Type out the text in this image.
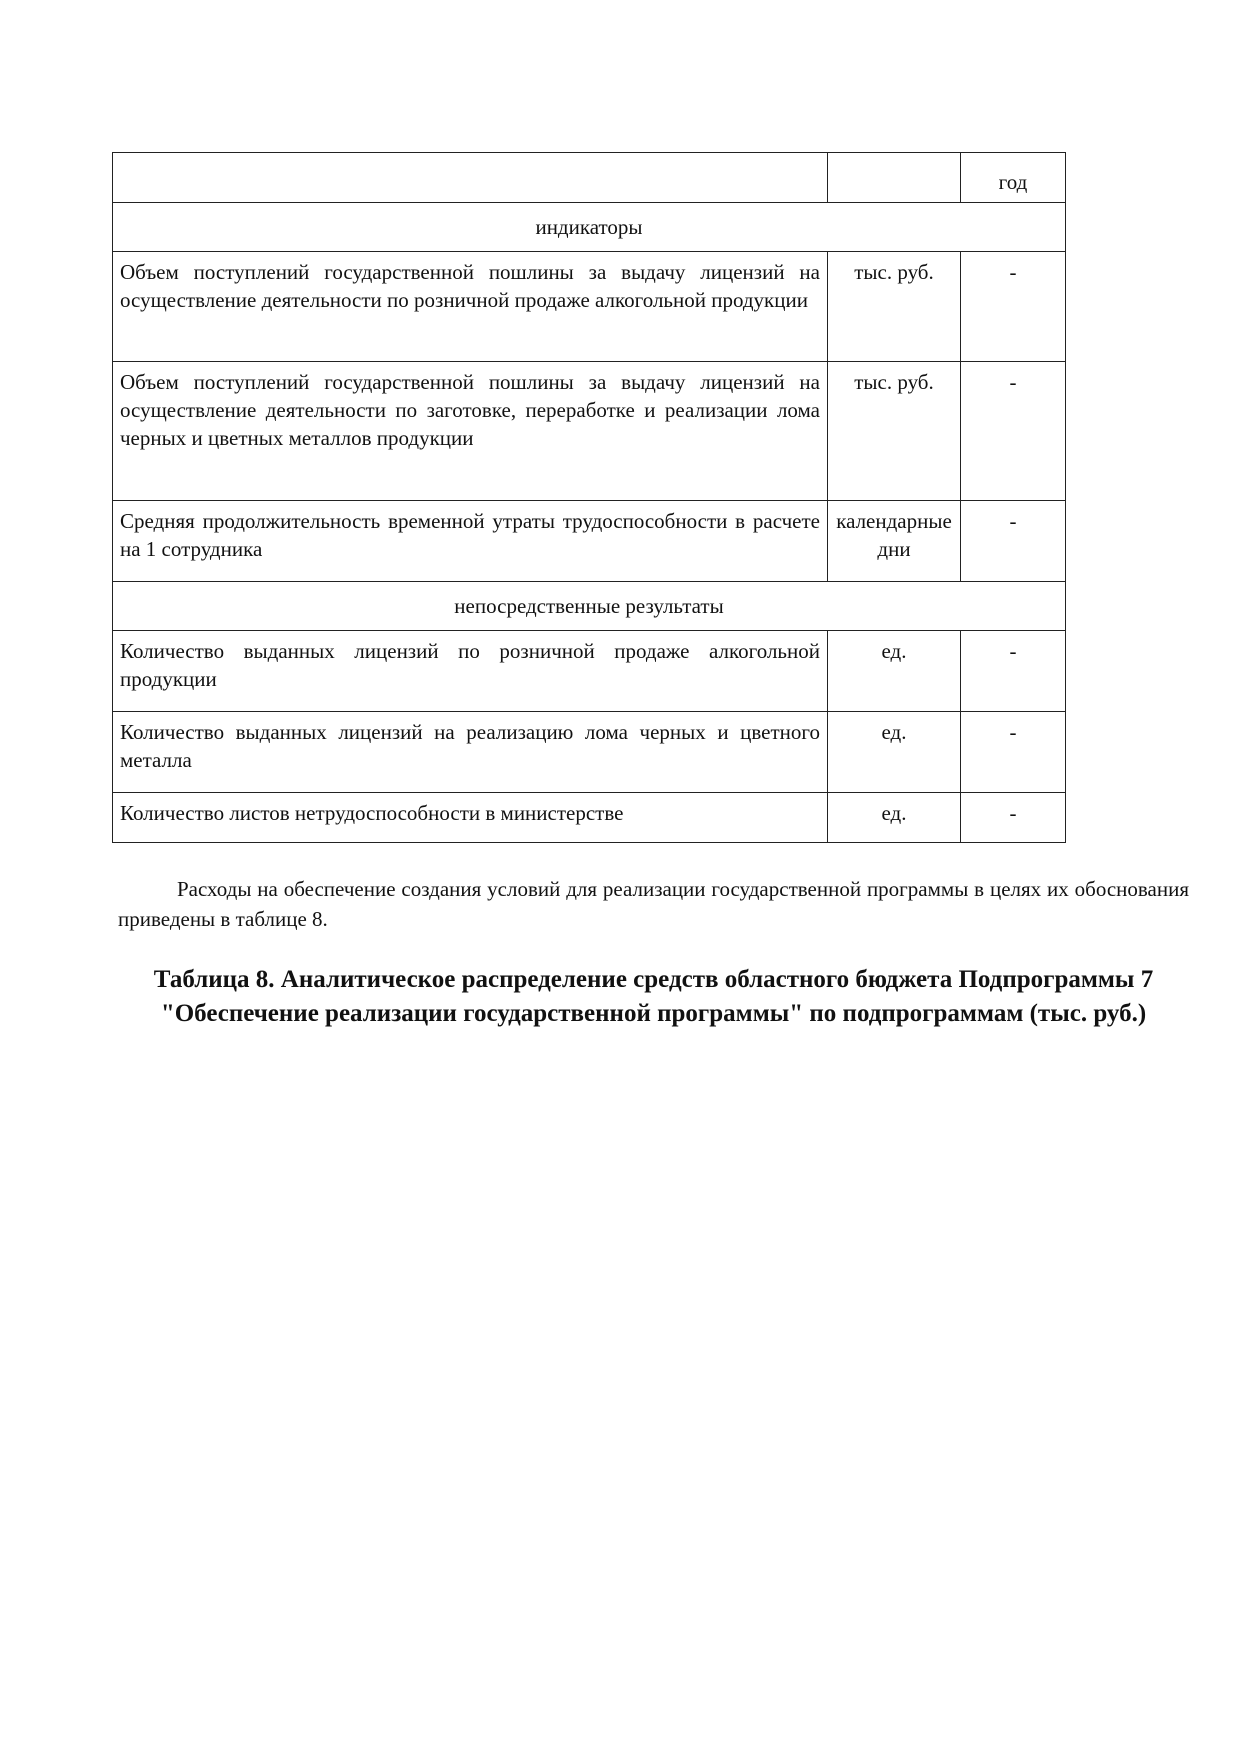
		год
индикаторы		
Объем поступлений государственной пошлины за выдачу лицензий на осуществление деятельности по розничной продаже алкогольной продукции	тыс. руб.	-
Объем поступлений государственной пошлины за выдачу лицензий на осуществление деятельности по заготовке, переработке и реализации лома черных и цветных металлов продукции	тыс. руб.	-
Средняя продолжительность временной утраты трудоспособности в расчете на 1 сотрудника	календарные дни	-
непосредственные результаты		
Количество выданных лицензий по розничной продаже алкогольной продукции	ед.	-
Количество выданных лицензий на реализацию лома черных и цветного металла	ед.	-
Количество листов нетрудоспособности в министерстве	ед.	-
Расходы на обеспечение создания условий для реализации государственной программы в целях их обоснования приведены в таблице 8.
Таблица 8. Аналитическое распределение средств областного бюджета Подпрограммы 7 "Обеспечение реализации государственной программы" по подпрограммам (тыс. руб.)
